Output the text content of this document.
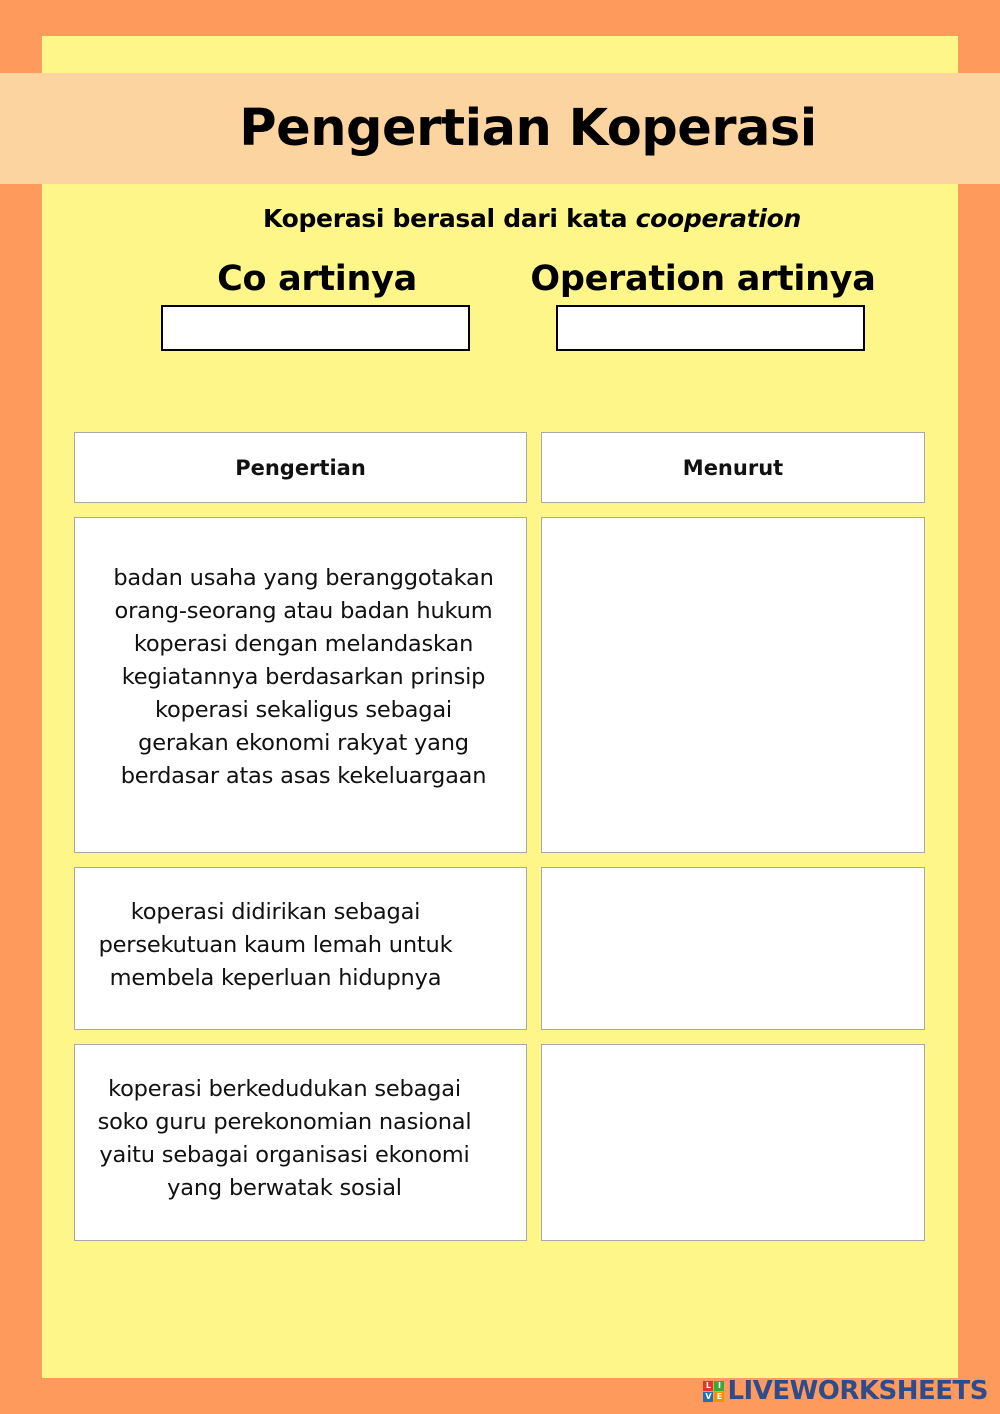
Pengertian Koperasi
Koperasi berasal dari kata cooperation
Co artinya	Operation artinya
Pengertian	Menurut
badan usaha yang beranggotakan
orang-seorang atau badan hukum
koperasi dengan melandaskan
kegiatannya berdasarkan prinsip
koperasi sekaligus sebagai
gerakan ekonomi rakyat yang
berdasar atas asas kekeluargaan
koperasi didirikan sebagai
persekutuan kaum lemah untuk
membela keperluan hidupnya
koperasi berkedudukan sebagai
soko guru perekonomian nasional
yaitu sebagai organisasi ekonomi
yang berwatak sosial
L I
V E LIVEWORKSHEETS
